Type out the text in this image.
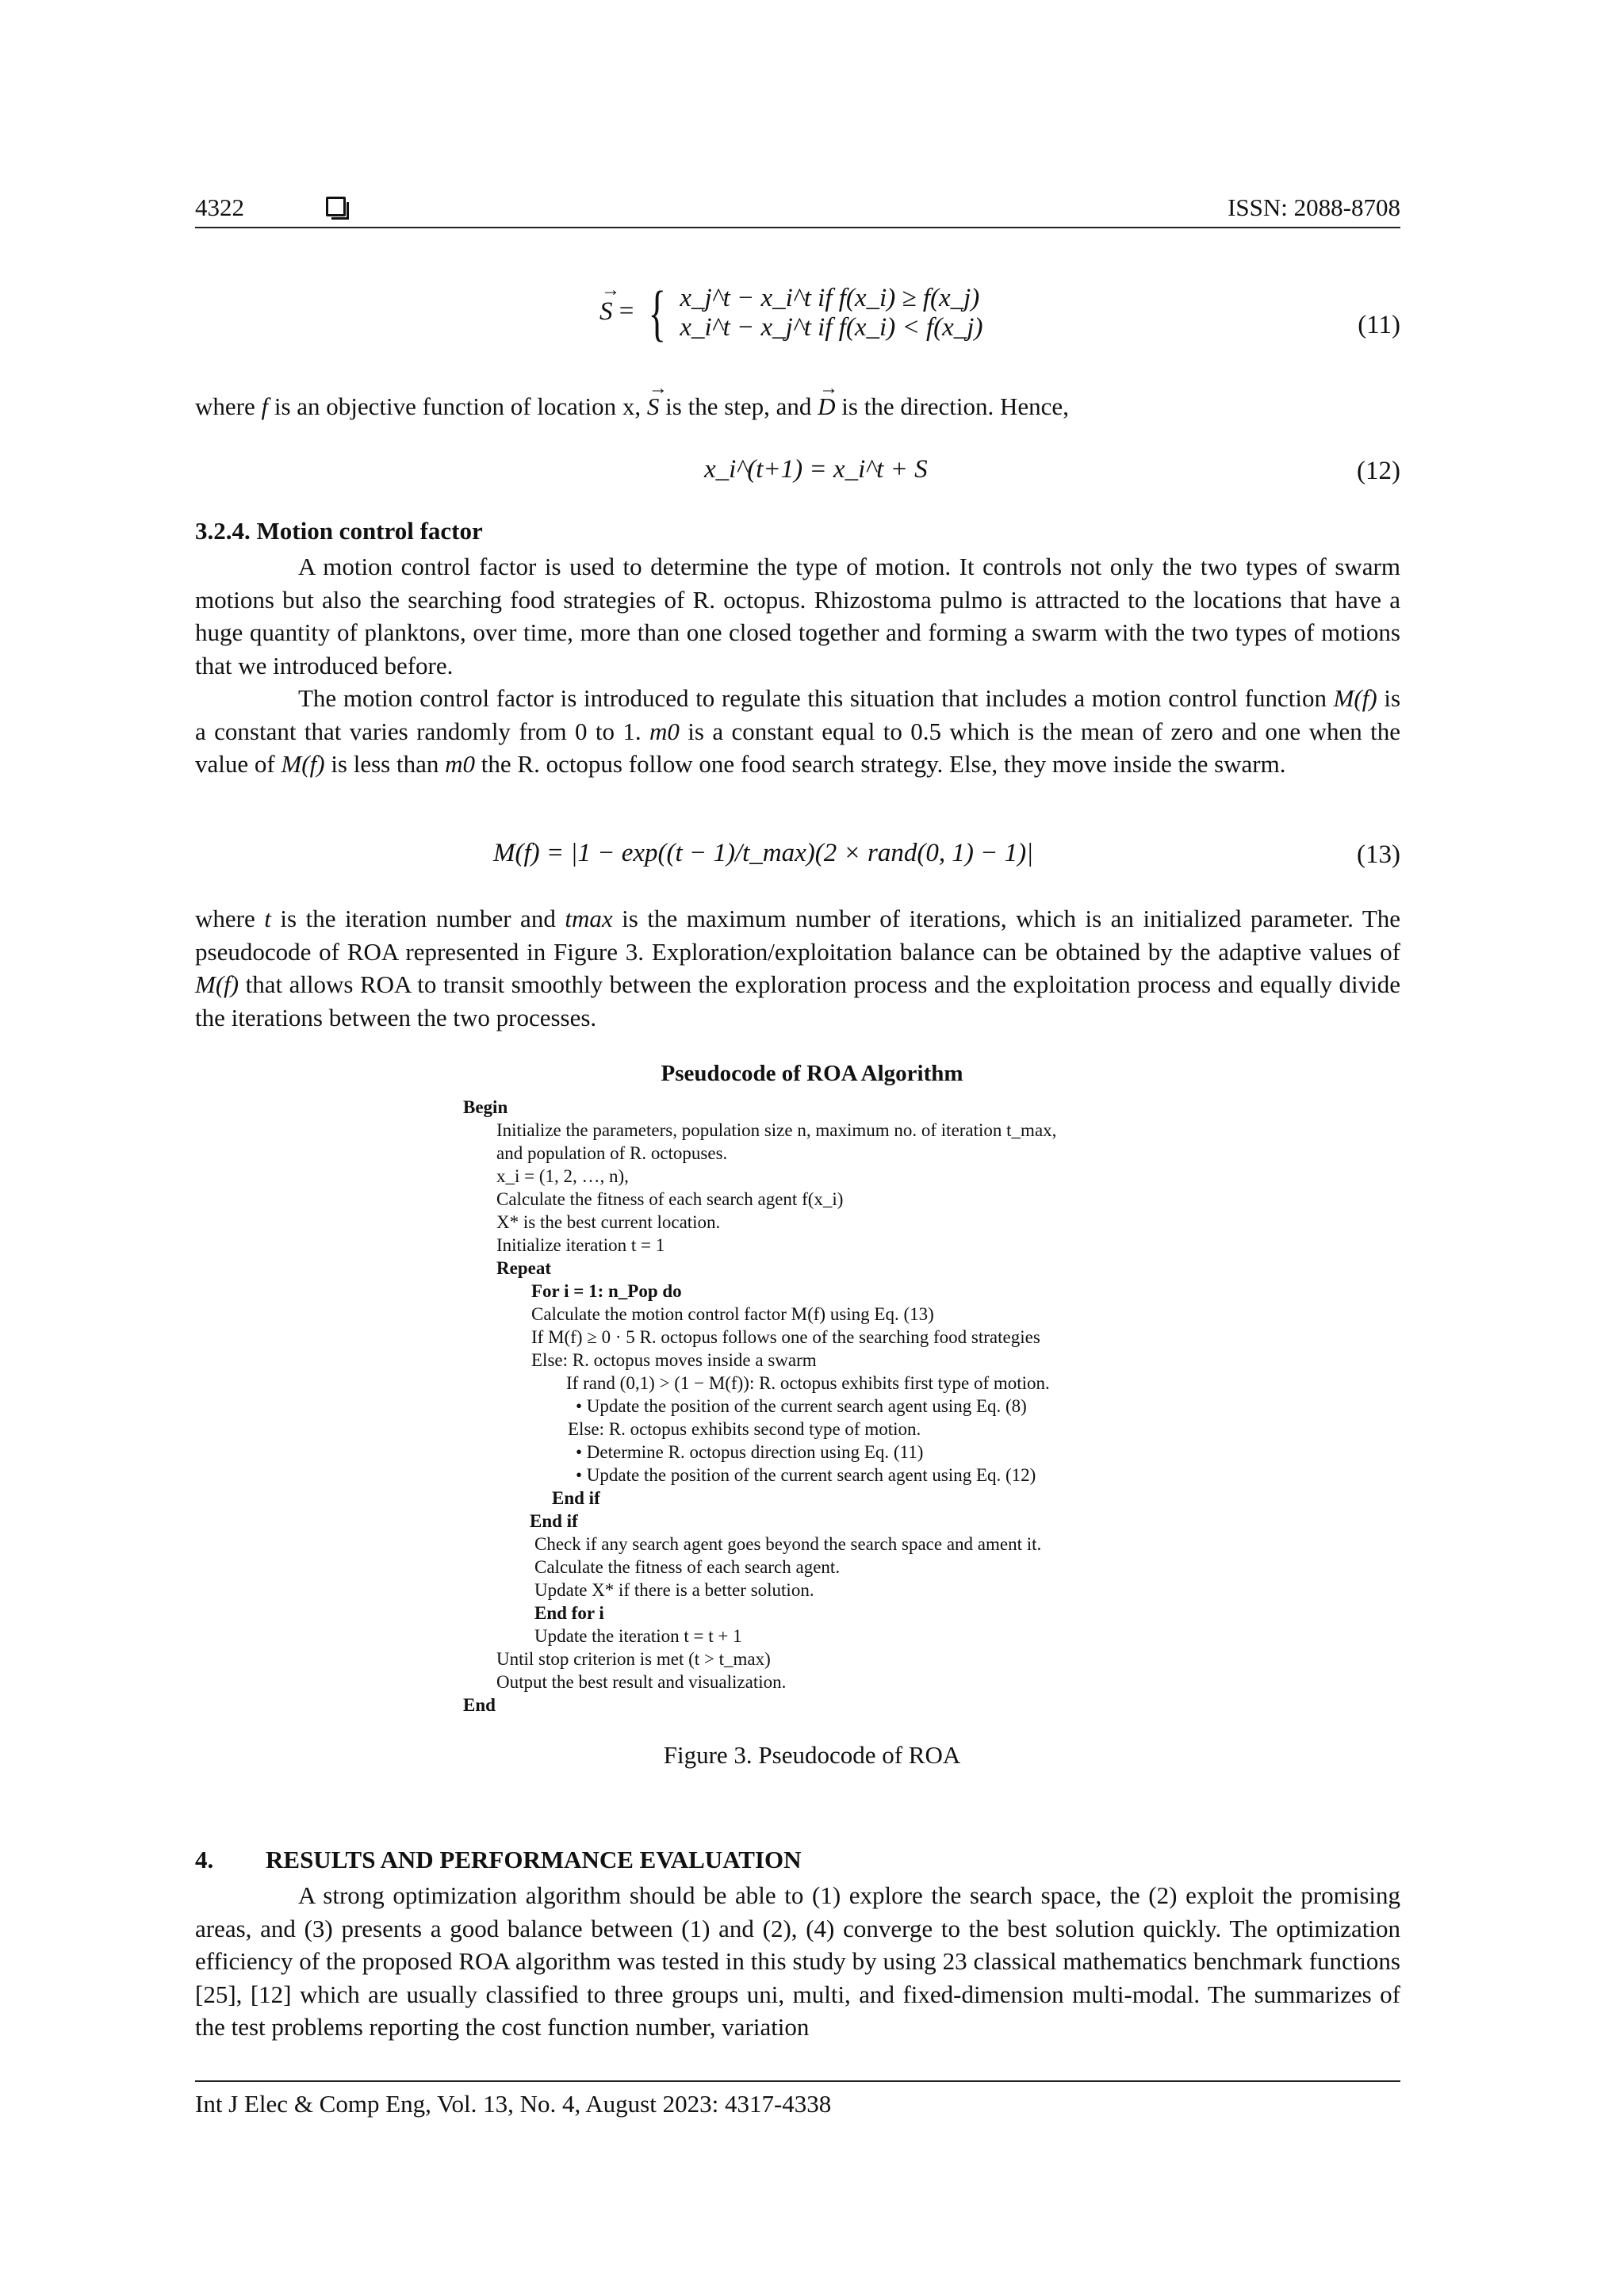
4322	ISSN: 2088-8708
→ S = { x_j^t − x_i^t if f(x_i) ≥ f(x_j)
x_i^t − x_j^t if f(x_i) < f(x_j)	(11)

where f is an objective function of location x, → S is the step, and → D is the direction. Hence,

x_i^(t+1) = x_i^t + S	(12)
3.2.4. Motion control factor

A motion control factor is used to determine the type of motion. It controls not only the two types of swarm motions but also the searching food strategies of R. octopus. Rhizostoma pulmo is attracted to the locations that have a huge quantity of planktons, over time, more than one closed together and forming a swarm with the two types of motions that we introduced before.

The motion control factor is introduced to regulate this situation that includes a motion control function M(f) is a constant that varies randomly from 0 to 1. m0 is a constant equal to 0.5 which is the mean of zero and one when the value of M(f) is less than m0 the R. octopus follow one food search strategy. Else, they move inside the swarm.

M(f) = |1 − exp((t − 1)/t_max)(2 × rand(0, 1) − 1)|	(13)

where t is the iteration number and tmax is the maximum number of iterations, which is an initialized parameter. The pseudocode of ROA represented in Figure 3. Exploration/exploitation balance can be obtained by the adaptive values of M(f) that allows ROA to transit smoothly between the exploration process and the exploitation process and equally divide the iterations between the two processes.

Pseudocode of ROA Algorithm
Begin
Initialize the parameters, population size n, maximum no. of iteration t_max,
and population of R. octopuses.
x_i = (1, 2, …, n),
Calculate the fitness of each search agent f(x_i)
X* is the best current location.
Initialize iteration t = 1
Repeat
For i = 1: n_Pop do
Calculate the motion control factor M(f) using Eq. (13)
If M(f) ≥ 0 · 5 R. octopus follows one of the searching food strategies
Else: R. octopus moves inside a swarm
If rand (0,1) > (1 − M(f)): R. octopus exhibits first type of motion.
• Update the position of the current search agent using Eq. (8)
Else: R. octopus exhibits second type of motion.
• Determine R. octopus direction using Eq. (11)
• Update the position of the current search agent using Eq. (12)
End if
End if
Check if any search agent goes beyond the search space and ament it.
Calculate the fitness of each search agent.
Update X* if there is a better solution.
End for i
Update the iteration t = t + 1
Until stop criterion is met (t > t_max)
Output the best result and visualization.
End
Figure 3. Pseudocode of ROA
4. RESULTS AND PERFORMANCE EVALUATION

A strong optimization algorithm should be able to (1) explore the search space, the (2) exploit the promising areas, and (3) presents a good balance between (1) and (2), (4) converge to the best solution quickly. The optimization efficiency of the proposed ROA algorithm was tested in this study by using 23 classical mathematics benchmark functions [25], [12] which are usually classified to three groups uni, multi, and fixed-dimension multi-modal. The summarizes of the test problems reporting the cost function number, variation

Int J Elec & Comp Eng, Vol. 13, No. 4, August 2023: 4317-4338
